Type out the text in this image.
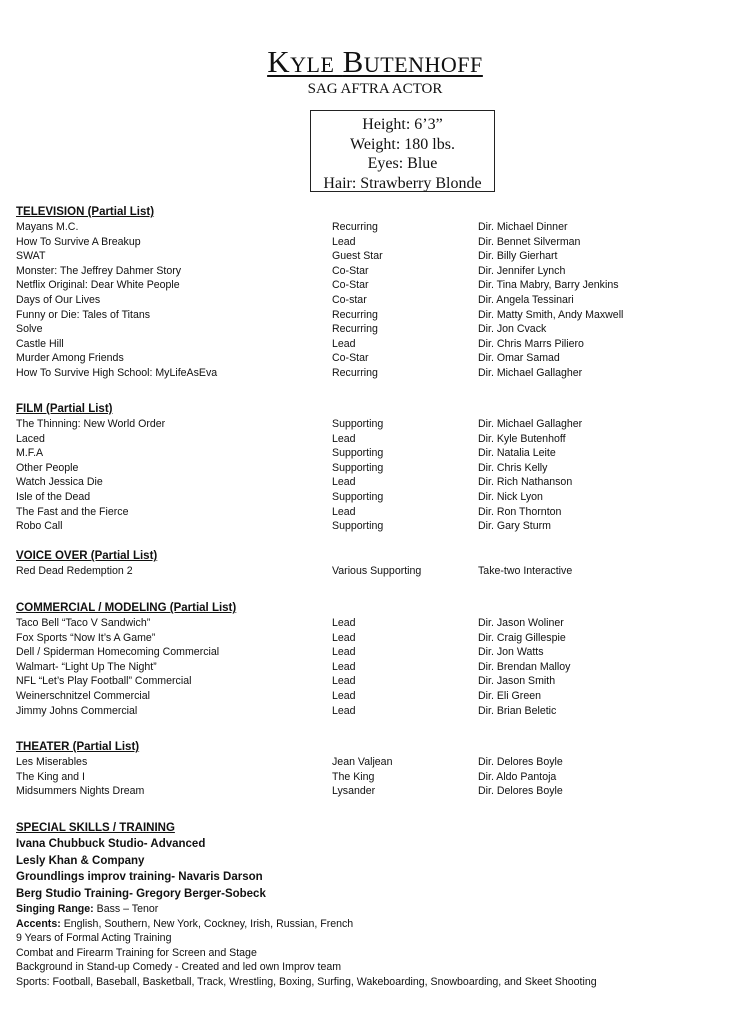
Kyle Butenhoff
SAG AFTRA ACTOR
Height: 6’3”
Weight: 180 lbs.
Eyes: Blue
Hair: Strawberry Blonde
TELEVISION (Partial List)
Mayans M.C.	Recurring	Dir. Michael Dinner
How To Survive A Breakup	Lead	Dir. Bennet Silverman
SWAT	Guest Star	Dir. Billy Gierhart
Monster: The Jeffrey Dahmer Story	Co-Star	Dir. Jennifer Lynch
Netflix Original: Dear White People	Co-Star	Dir. Tina Mabry, Barry Jenkins
Days of Our Lives	Co-star	Dir. Angela Tessinari
Funny or Die: Tales of Titans	Recurring	Dir. Matty Smith, Andy Maxwell
Solve	Recurring	Dir. Jon Cvack
Castle Hill	Lead	Dir. Chris Marrs Piliero
Murder Among Friends	Co-Star	Dir. Omar Samad
How To Survive High School: MyLifeAsEva	Recurring	Dir. Michael Gallagher
FILM (Partial List)
The Thinning: New World Order	Supporting	Dir. Michael Gallagher
Laced	Lead	Dir. Kyle Butenhoff
M.F.A	Supporting	Dir. Natalia Leite
Other People	Supporting	Dir. Chris Kelly
Watch Jessica Die	Lead	Dir. Rich Nathanson
Isle of the Dead	Supporting	Dir. Nick Lyon
The Fast and the Fierce	Lead	Dir. Ron Thornton
Robo Call	Supporting	Dir. Gary Sturm
VOICE OVER (Partial List)
Red Dead Redemption 2	Various Supporting	Take-two Interactive
COMMERCIAL / MODELING (Partial List)
Taco Bell “Taco V Sandwich”	Lead	Dir. Jason Woliner
Fox Sports “Now It’s A Game”	Lead	Dir. Craig Gillespie
Dell / Spiderman Homecoming Commercial	Lead	Dir. Jon Watts
Walmart- “Light Up The Night”	Lead	Dir. Brendan Malloy
NFL “Let’s Play Football” Commercial	Lead	Dir. Jason Smith
Weinerschnitzel Commercial	Lead	Dir. Eli Green
Jimmy Johns Commercial	Lead	Dir. Brian Beletic
THEATER (Partial List)
Les Miserables	Jean Valjean	Dir. Delores Boyle
The King and I	The King	Dir. Aldo Pantoja
Midsummers Nights Dream	Lysander	Dir. Delores Boyle
SPECIAL SKILLS / TRAINING
Ivana Chubbuck Studio- Advanced
Lesly Khan & Company
Groundlings improv training- Navaris Darson
Berg Studio Training- Gregory Berger-Sobeck
Singing Range: Bass – Tenor
Accents: English, Southern, New York, Cockney, Irish, Russian, French
9 Years of Formal Acting Training
Combat and Firearm Training for Screen and Stage
Background in Stand-up Comedy - Created and led own Improv team
Sports: Football, Baseball, Basketball, Track, Wrestling, Boxing, Surfing, Wakeboarding, Snowboarding, and Skeet Shooting
